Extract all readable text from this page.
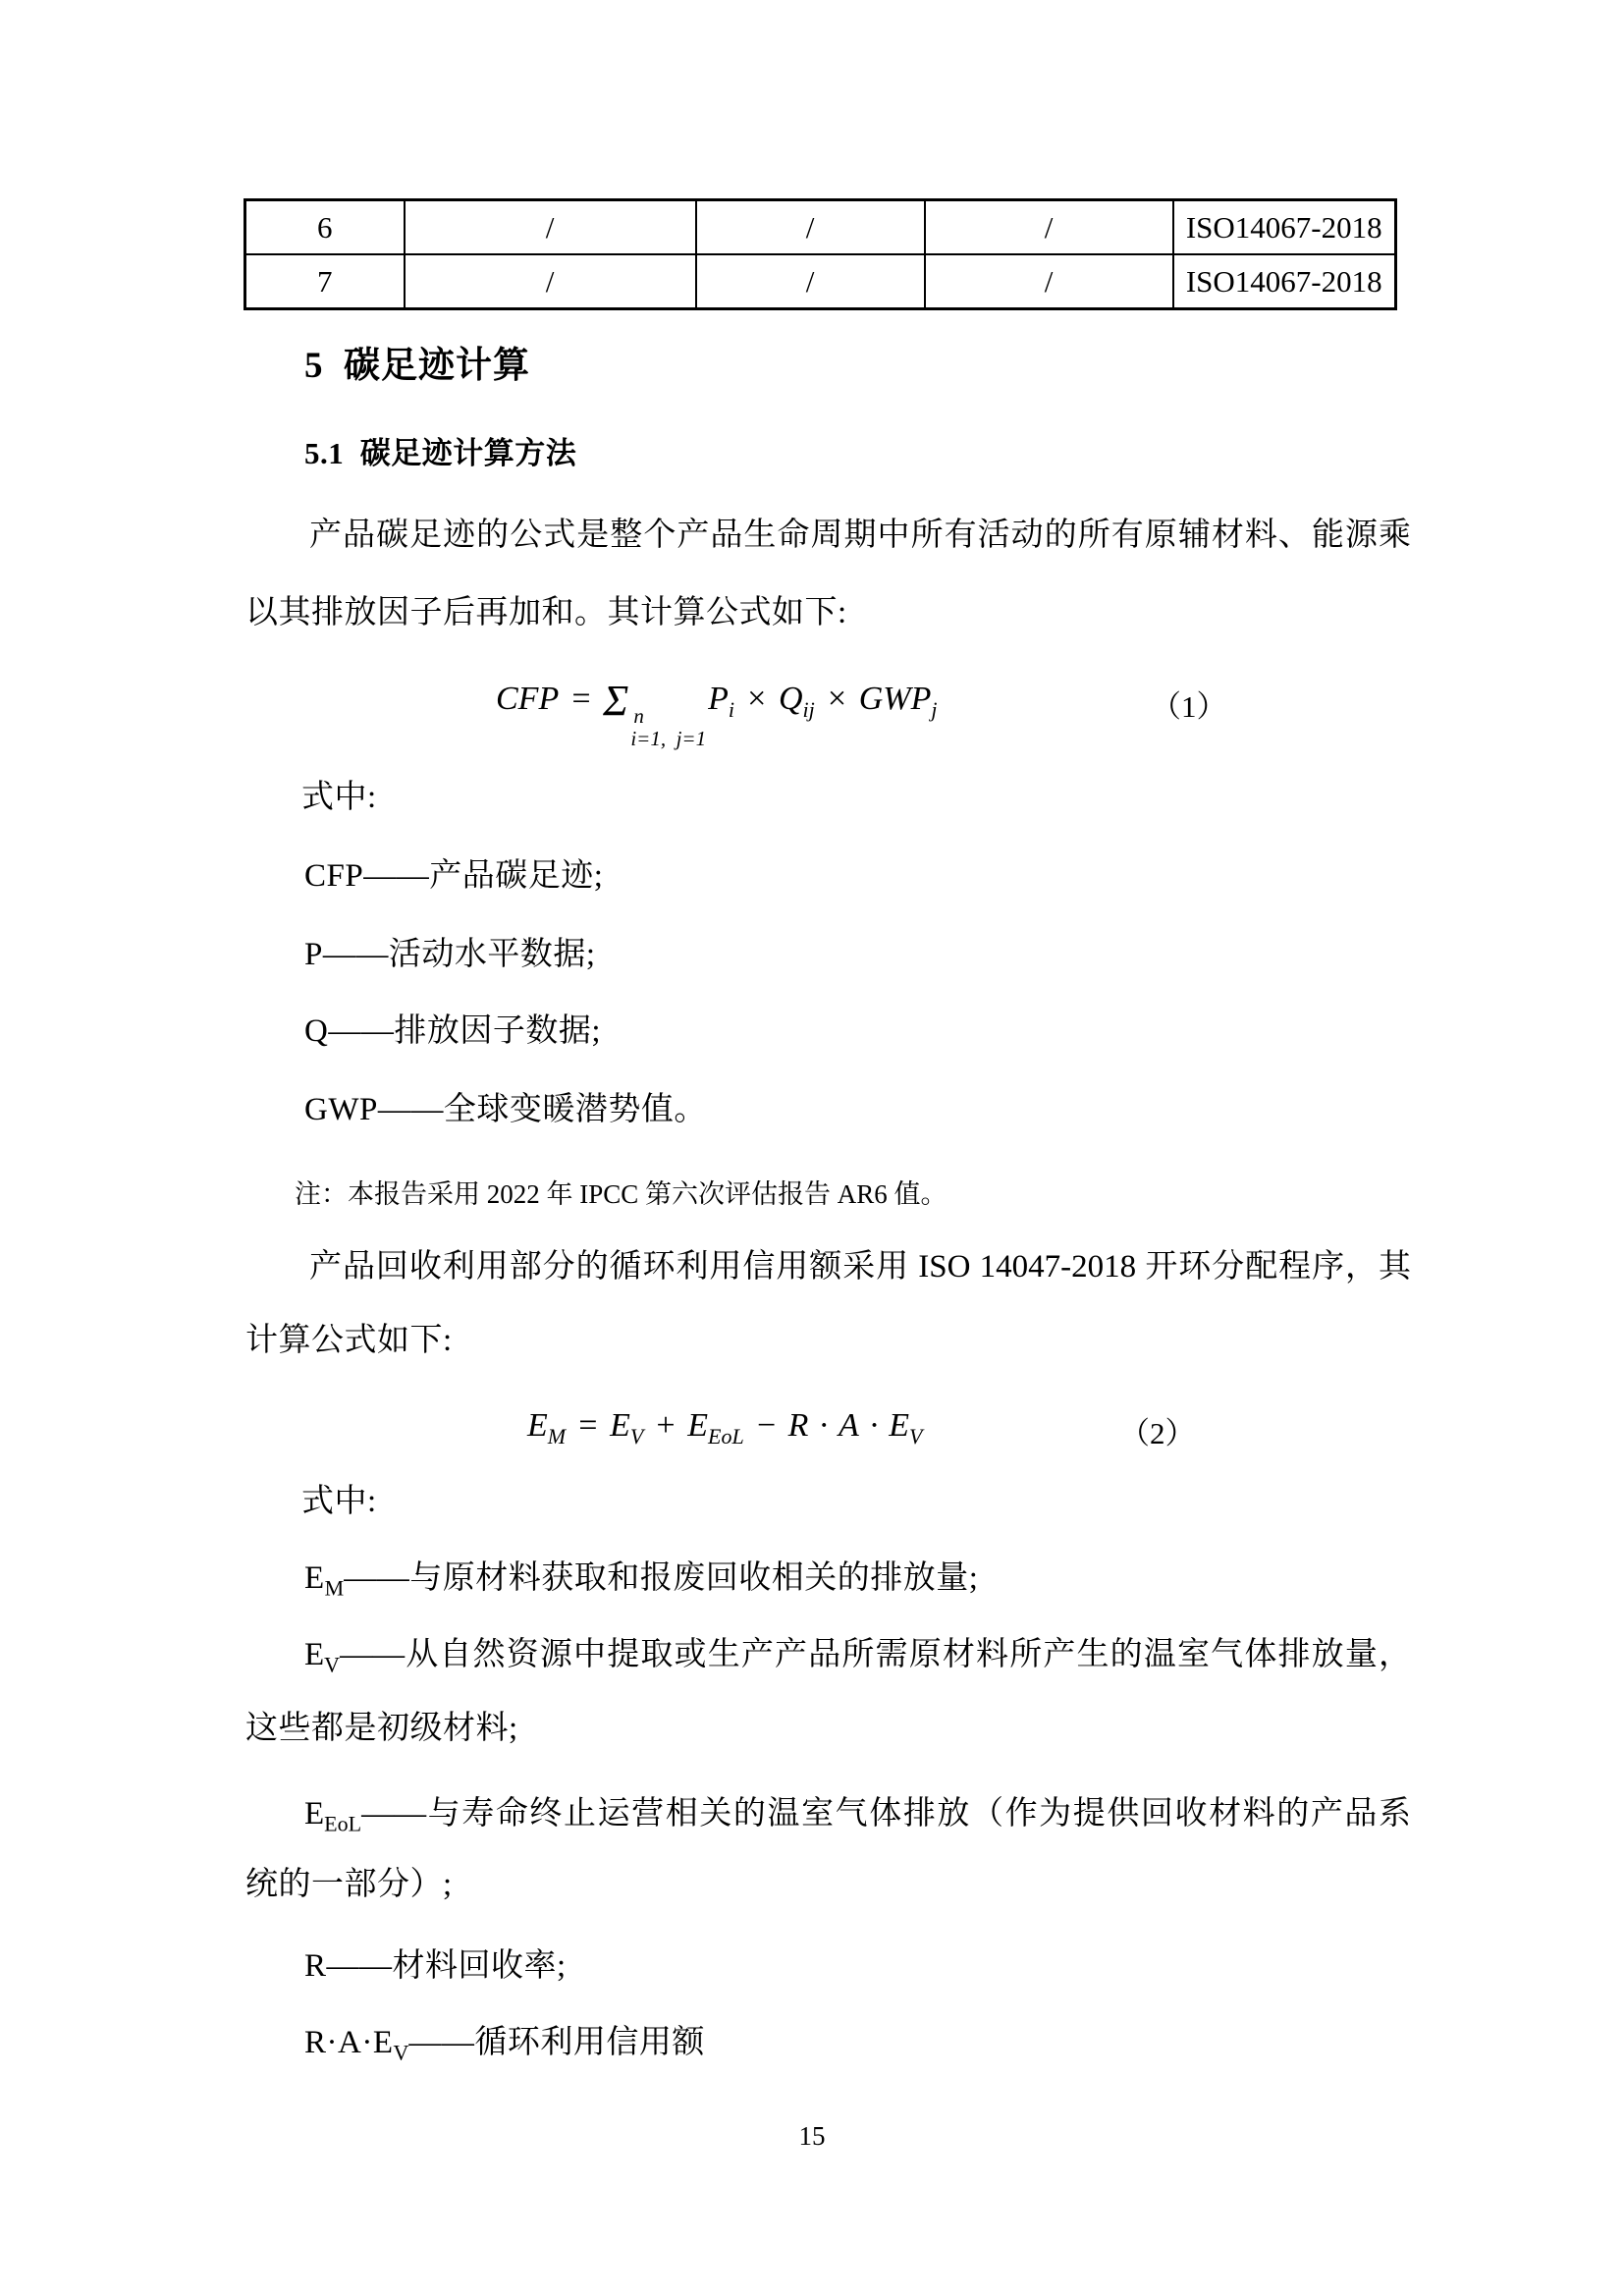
6	/	/	/	ISO14067-2018
7	/	/	/	ISO14067-2018
5  碳足迹计算
5.1  碳足迹计算方法
产品碳足迹的公式是整个产品生命周期中所有活动的所有原辅材料、能源乘
以其排放因子后再加和。其计算公式如下:
CFP = Σ n
i=1,  j=1
$P_i \times Q_{ij} \times GWP_j$	（1）
式中:
CFP——产品碳足迹;
P——活动水平数据;
Q——排放因子数据;
GWP——全球变暖潜势值。
注：本报告采用 2022 年 IPCC 第六次评估报告 AR6 值。
产品回收利用部分的循环利用信用额采用 ISO 14047-2018 开环分配程序，其
计算公式如下:
$E_M = E_V + E_{EoL} - R \cdot A \cdot E_V$	（2）
式中:
$E_M——$与原材料获取和报废回收相关的排放量;
$E_V——$从自然资源中提取或生产产品所需原材料所产生的温室气体排放量，
这些都是初级材料;
$E_{EoL}——$与寿命终止运营相关的温室气体排放（作为提供回收材料的产品系
统的一部分）;
R——材料回收率;
$R\cdot A\cdot E_V——$循环利用信用额
15
